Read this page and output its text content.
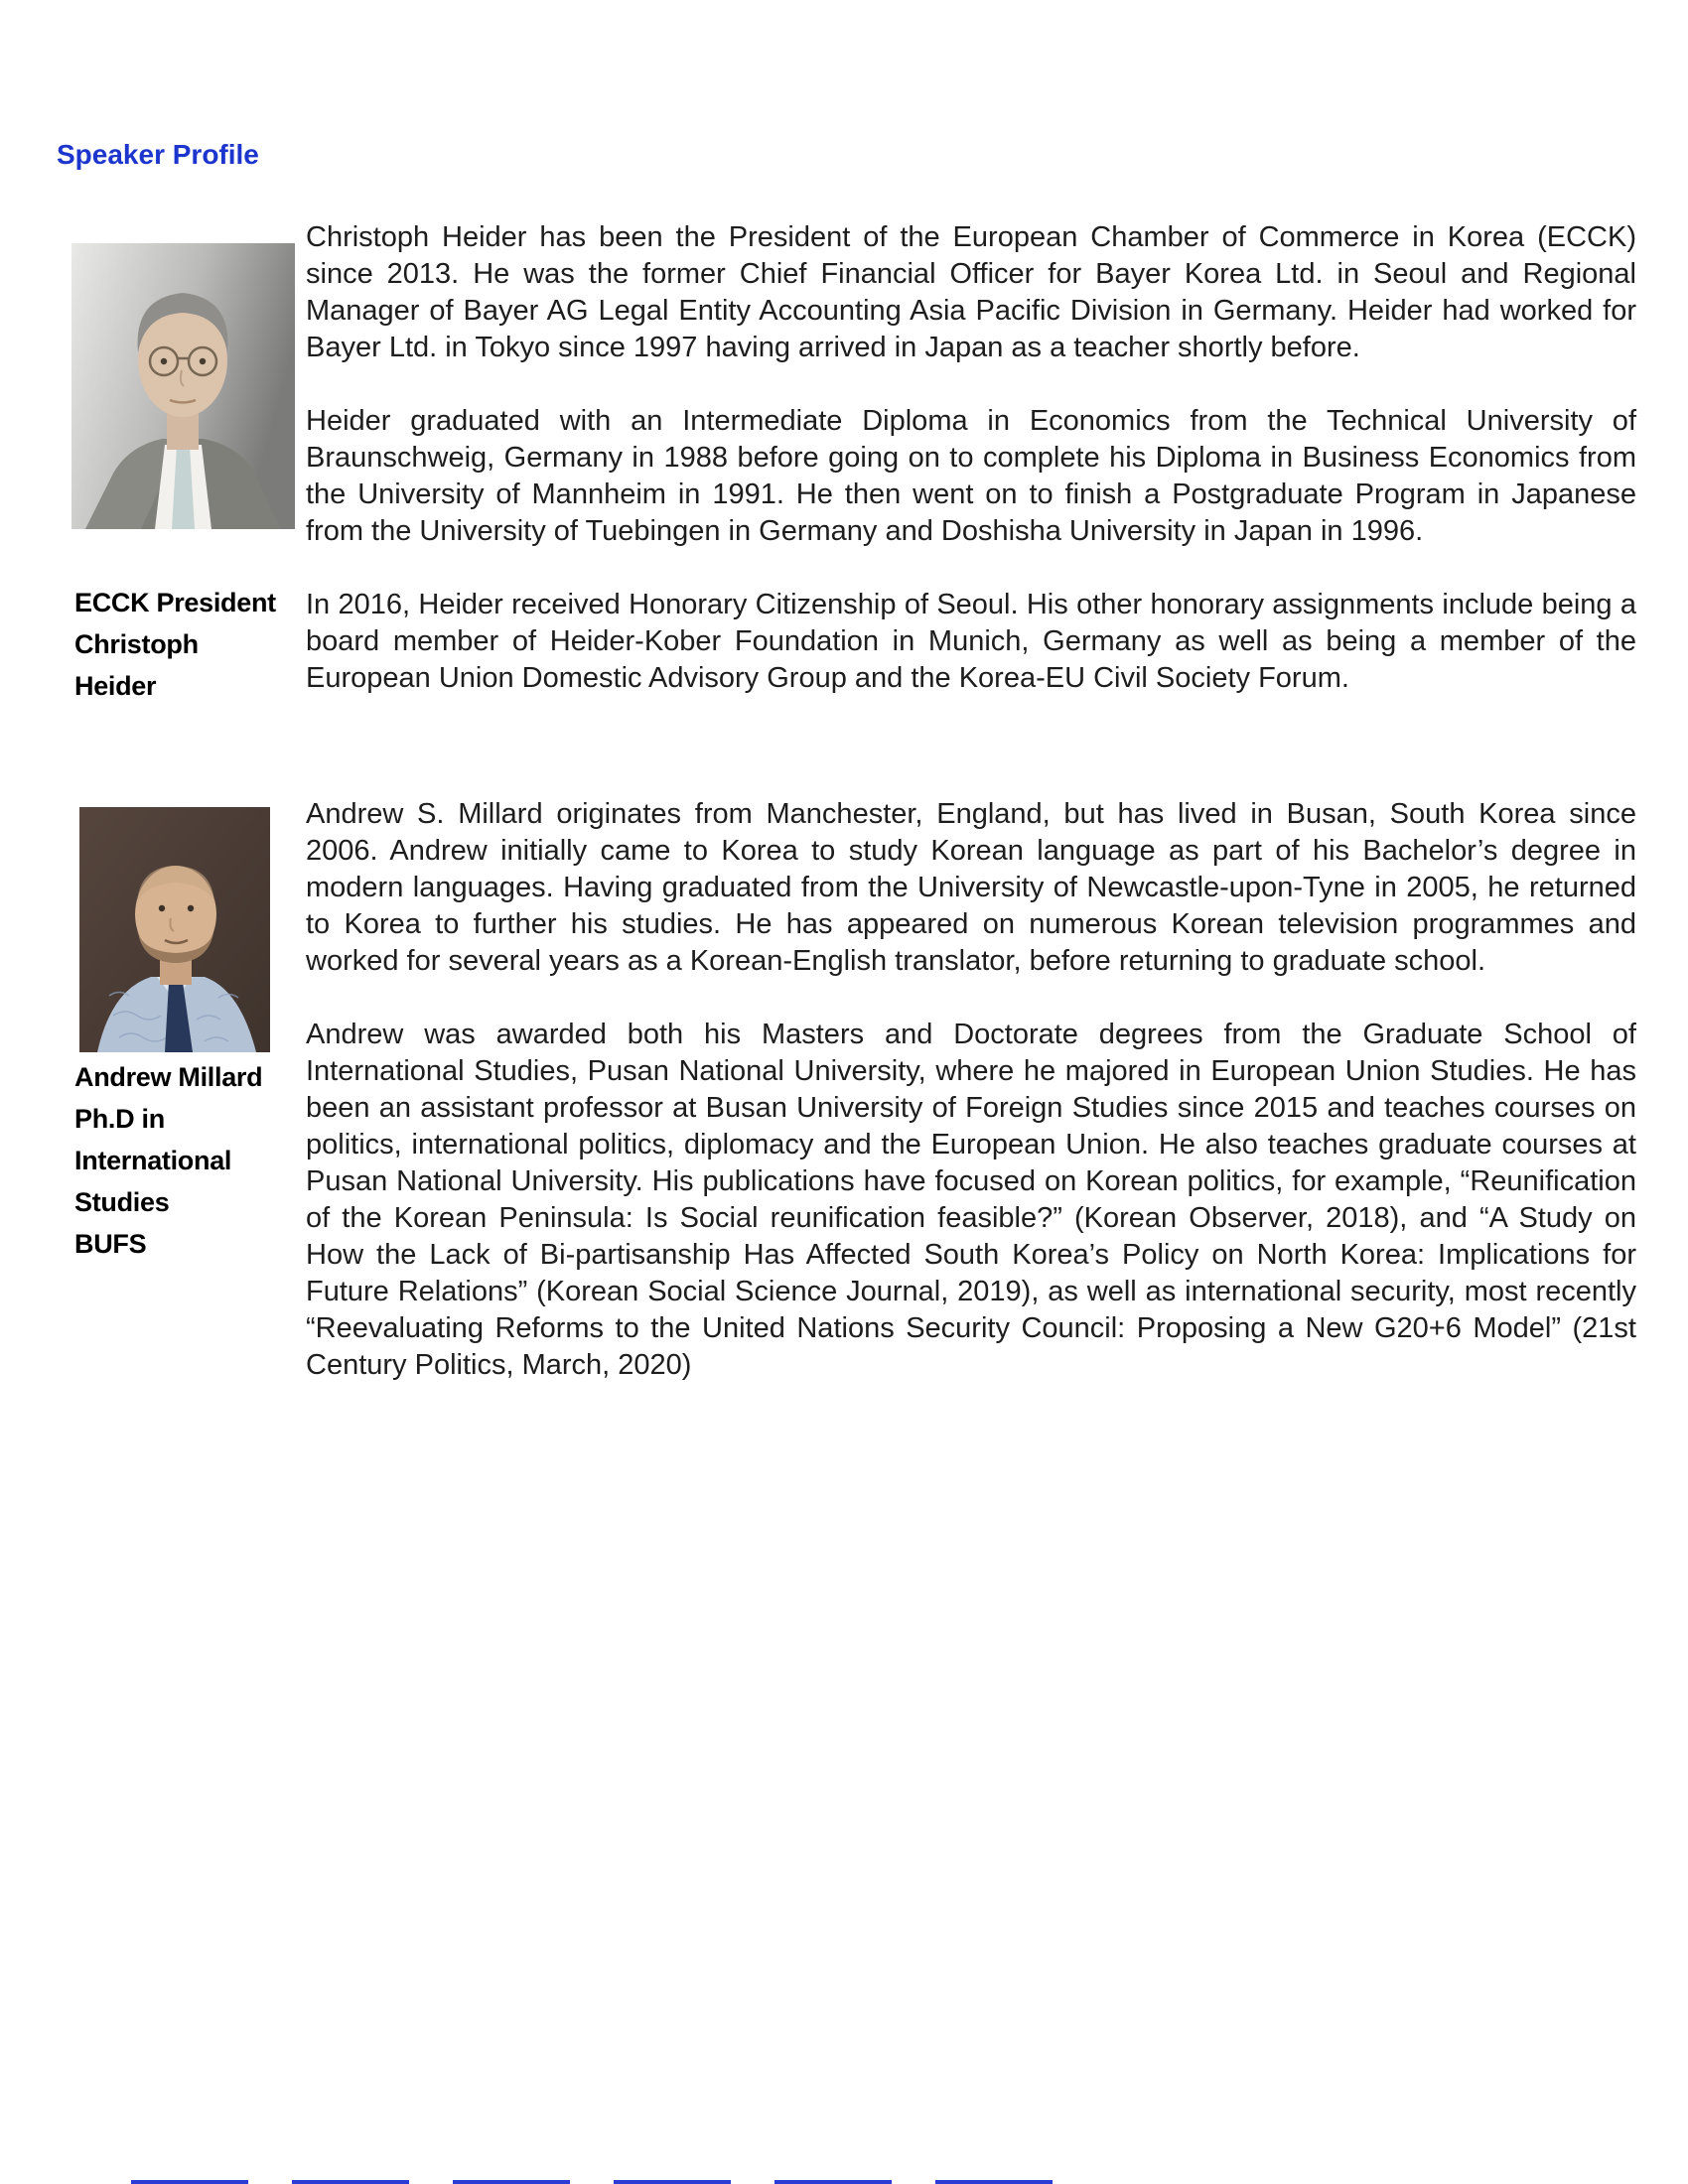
Speaker Profile
ECCK President
Christoph
Heider

Christoph Heider has been the President of the European Chamber of Commerce in Korea (ECCK) since 2013. He was the former Chief Financial Officer for Bayer Korea Ltd. in Seoul and Regional Manager of Bayer AG Legal Entity Accounting Asia Pacific Division in Germany. Heider had worked for Bayer Ltd. in Tokyo since 1997 having arrived in Japan as a teacher shortly before.

Heider graduated with an Intermediate Diploma in Economics from the Technical University of Braunschweig, Germany in 1988 before going on to complete his Diploma in Business Economics from the University of Mannheim in 1991. He then went on to finish a Postgraduate Program in Japanese from the University of Tuebingen in Germany and Doshisha University in Japan in 1996.

In 2016, Heider received Honorary Citizenship of Seoul. His other honorary assignments include being a board member of Heider-Kober Foundation in Munich, Germany as well as being a member of the European Union Domestic Advisory Group and the Korea-EU Civil Society Forum.

Andrew Millard
Ph.D in
International
Studies
BUFS

Andrew S. Millard originates from Manchester, England, but has lived in Busan, South Korea since 2006. Andrew initially came to Korea to study Korean language as part of his Bachelor’s degree in modern languages. Having graduated from the University of Newcastle-upon-Tyne in 2005, he returned to Korea to further his studies. He has appeared on numerous Korean television programmes and worked for several years as a Korean-English translator, before returning to graduate school.

Andrew was awarded both his Masters and Doctorate degrees from the Graduate School of International Studies, Pusan National University, where he majored in European Union Studies. He has been an assistant professor at Busan University of Foreign Studies since 2015 and teaches courses on politics, international politics, diplomacy and the European Union. He also teaches graduate courses at Pusan National University. His publications have focused on Korean politics, for example, “Reunification of the Korean Peninsula: Is Social reunification feasible?” (Korean Observer, 2018), and “A Study on How the Lack of Bi-partisanship Has Affected South Korea’s Policy on North Korea: Implications for Future Relations” (Korean Social Science Journal, 2019), as well as international security, most recently “Reevaluating Reforms to the United Nations Security Council: Proposing a New G20+6 Model” (21st Century Politics, March, 2020)
